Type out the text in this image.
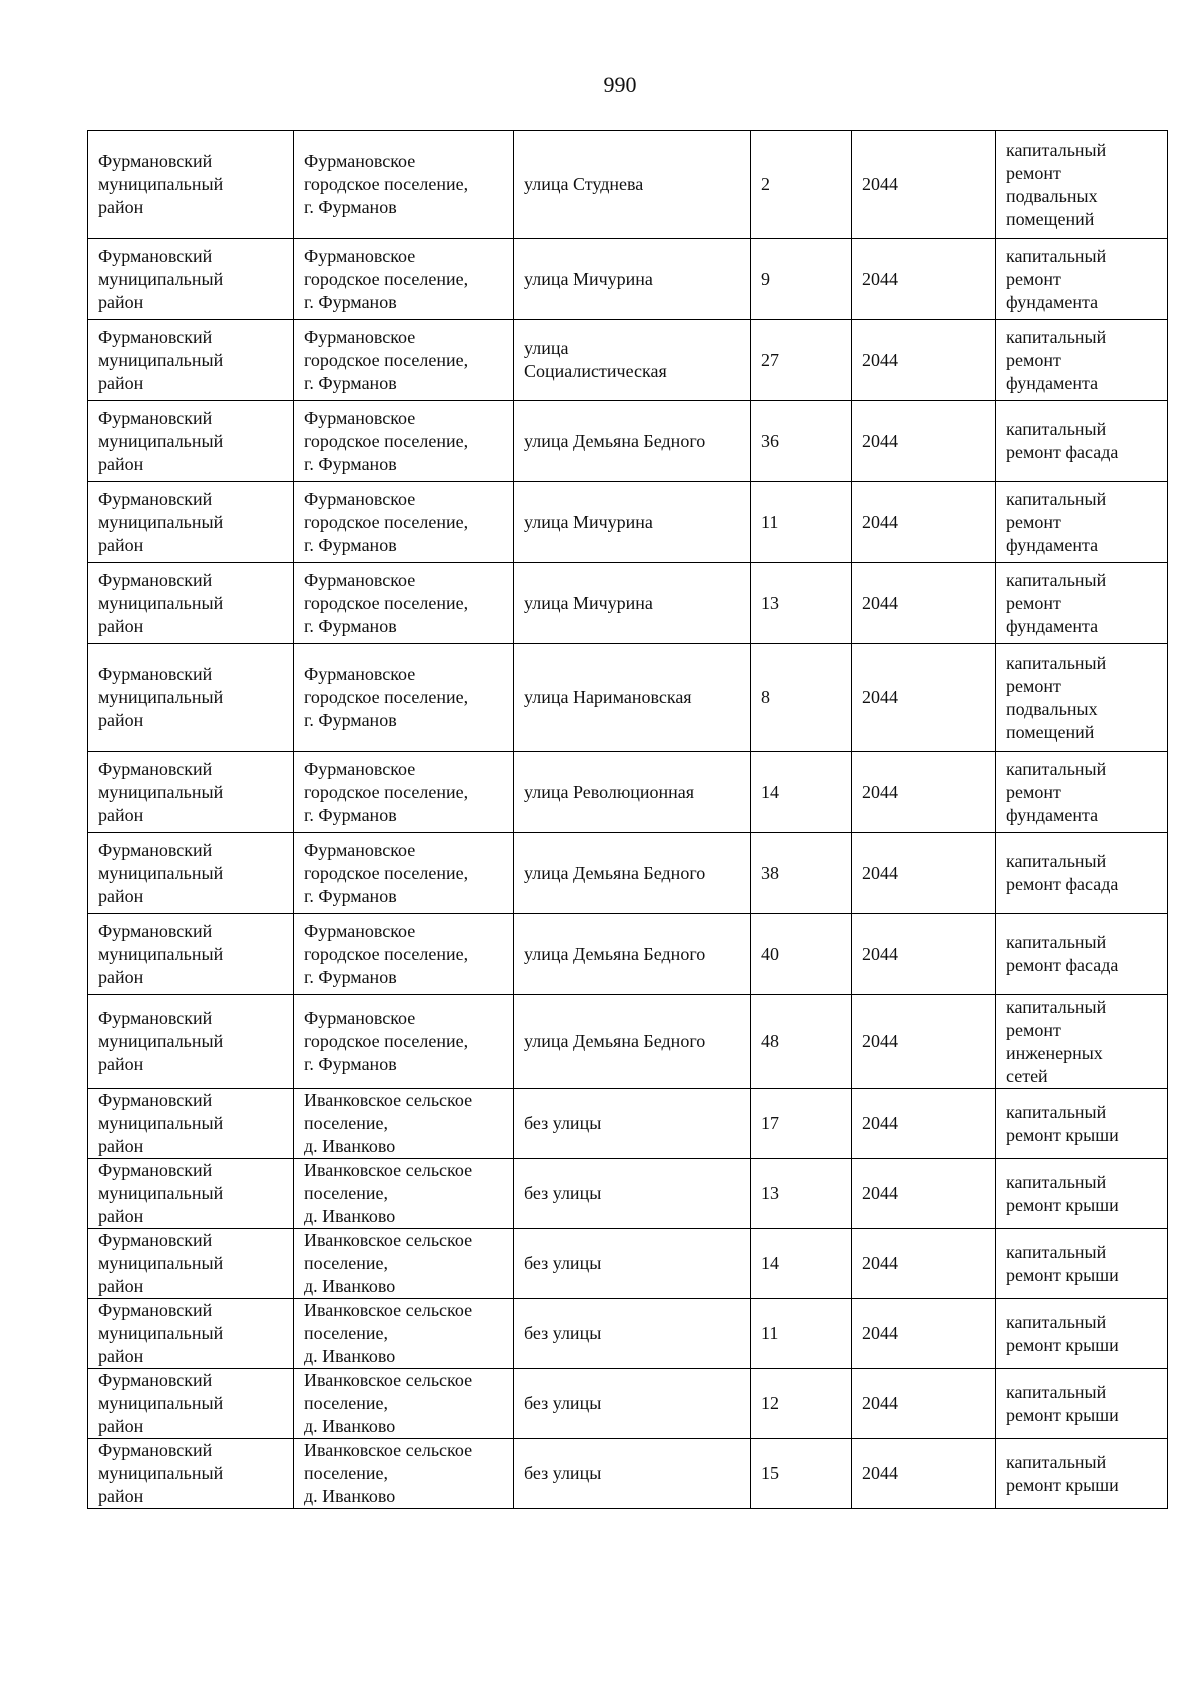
990
Фурмановский
муниципальный
район	Фурмановское
городское поселение,
г. Фурманов	улица Студнева	2	2044	капитальный
ремонт
подвальных
помещений
Фурмановский
муниципальный
район	Фурмановское
городское поселение,
г. Фурманов	улица Мичурина	9	2044	капитальный
ремонт
фундамента
Фурмановский
муниципальный
район	Фурмановское
городское поселение,
г. Фурманов	улица
Социалистическая	27	2044	капитальный
ремонт
фундамента
Фурмановский
муниципальный
район	Фурмановское
городское поселение,
г. Фурманов	улица Демьяна Бедного	36	2044	капитальный
ремонт фасада
Фурмановский
муниципальный
район	Фурмановское
городское поселение,
г. Фурманов	улица Мичурина	11	2044	капитальный
ремонт
фундамента
Фурмановский
муниципальный
район	Фурмановское
городское поселение,
г. Фурманов	улица Мичурина	13	2044	капитальный
ремонт
фундамента
Фурмановский
муниципальный
район	Фурмановское
городское поселение,
г. Фурманов	улица Наримановская	8	2044	капитальный
ремонт
подвальных
помещений
Фурмановский
муниципальный
район	Фурмановское
городское поселение,
г. Фурманов	улица Революционная	14	2044	капитальный
ремонт
фундамента
Фурмановский
муниципальный
район	Фурмановское
городское поселение,
г. Фурманов	улица Демьяна Бедного	38	2044	капитальный
ремонт фасада
Фурмановский
муниципальный
район	Фурмановское
городское поселение,
г. Фурманов	улица Демьяна Бедного	40	2044	капитальный
ремонт фасада
Фурмановский
муниципальный
район	Фурмановское
городское поселение,
г. Фурманов	улица Демьяна Бедного	48	2044	капитальный
ремонт
инженерных
сетей
Фурмановский
муниципальный
район	Иванковское сельское
поселение,
д. Иванково	без улицы	17	2044	капитальный
ремонт крыши
Фурмановский
муниципальный
район	Иванковское сельское
поселение,
д. Иванково	без улицы	13	2044	капитальный
ремонт крыши
Фурмановский
муниципальный
район	Иванковское сельское
поселение,
д. Иванково	без улицы	14	2044	капитальный
ремонт крыши
Фурмановский
муниципальный
район	Иванковское сельское
поселение,
д. Иванково	без улицы	11	2044	капитальный
ремонт крыши
Фурмановский
муниципальный
район	Иванковское сельское
поселение,
д. Иванково	без улицы	12	2044	капитальный
ремонт крыши
Фурмановский
муниципальный
район	Иванковское сельское
поселение,
д. Иванково	без улицы	15	2044	капитальный
ремонт крыши
